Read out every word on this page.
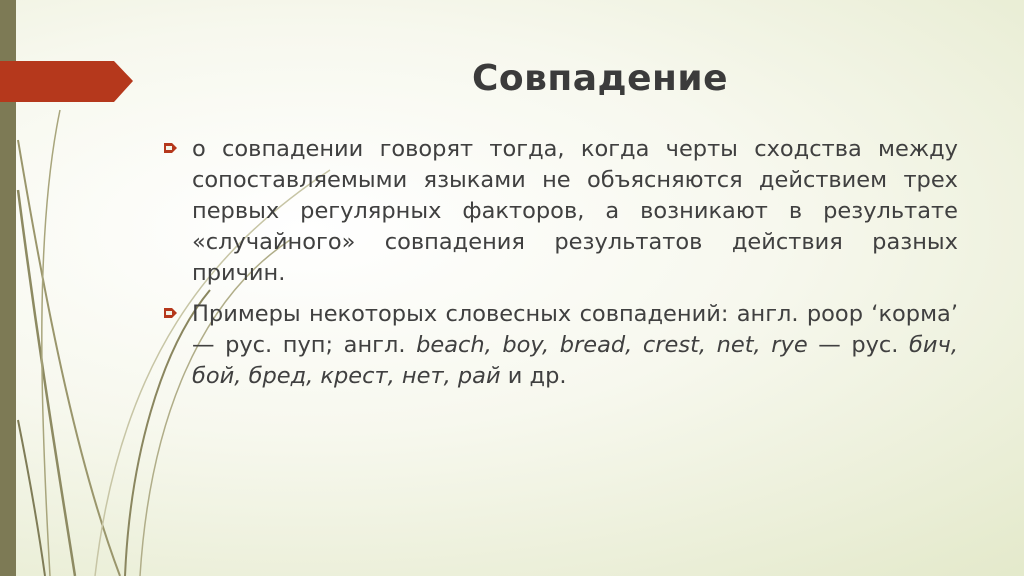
Совпадение
о совпадении говорят тогда, когда черты сходства между сопоставляемыми языками не объясняются действием трех первых регулярных факторов, а возникают в результате «случайного» совпадения результатов действия разных причин.
Примеры некоторых словесных совпадений: англ. poop ‘корма’ — рус. пуп; англ. beach, boy, bread, crest, net, rye — рус. бич, бой, бред, крест, нет, рай и др.
